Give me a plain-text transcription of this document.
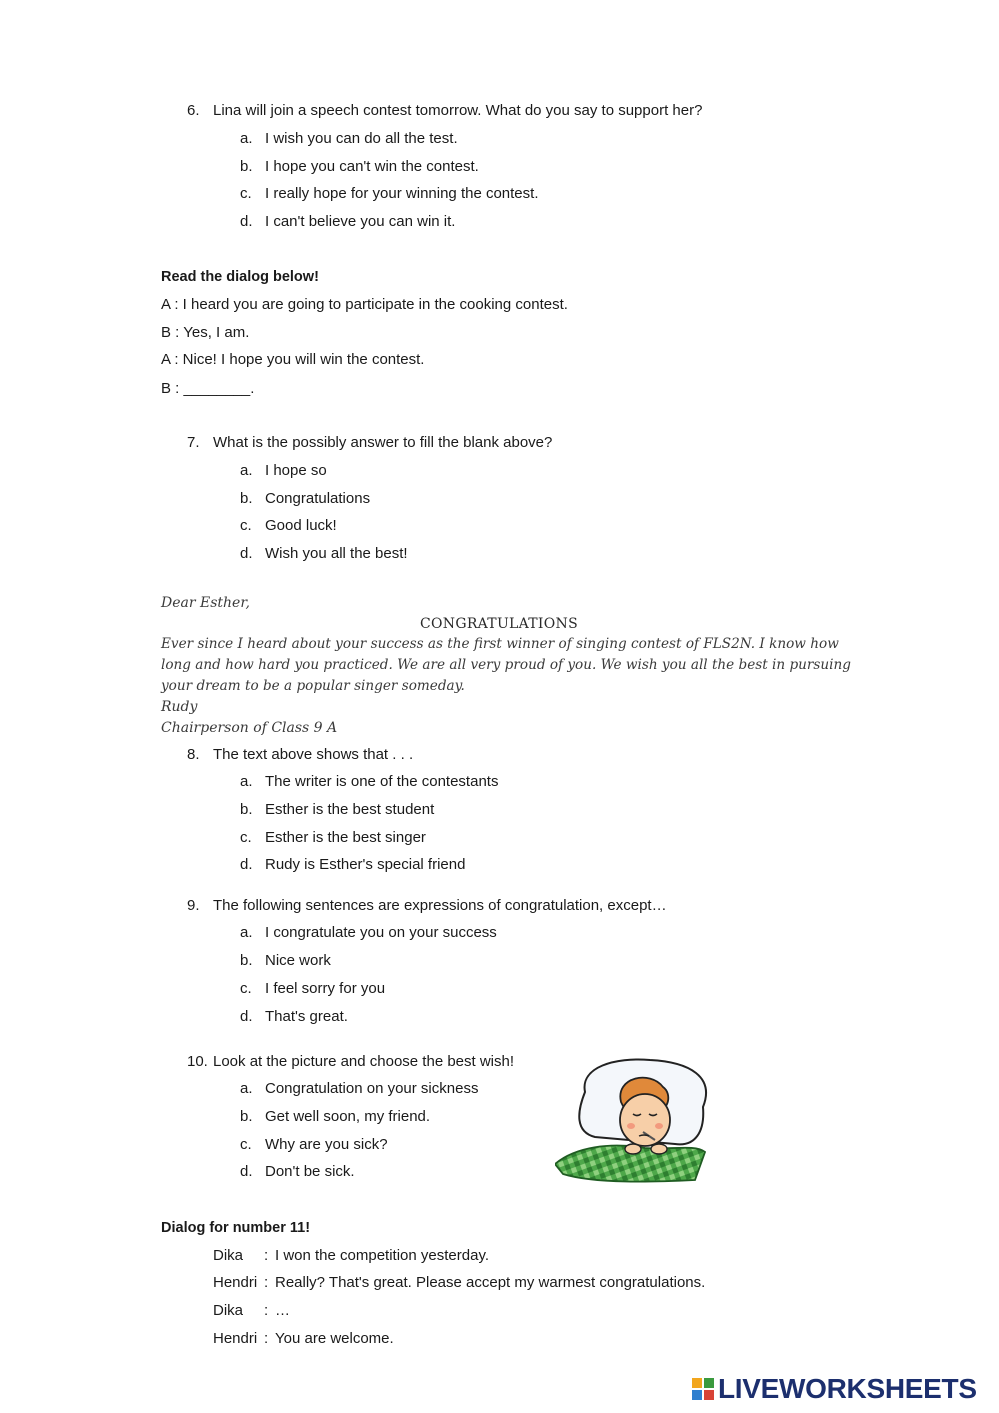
6. Lina will join a speech contest tomorrow. What do you say to support her?
a. I wish you can do all the test.
b. I hope you can't win the contest.
c. I really hope for your winning the contest.
d. I can't believe you can win it.
Read the dialog below!
A : I heard you are going to participate in the cooking contest.
B : Yes, I am.
A : Nice! I hope you will win the contest.
B : ________.
7. What is the possibly answer to fill the blank above?
a. I hope so
b. Congratulations
c. Good luck!
d. Wish you all the best!
Dear Esther,
CONGRATULATIONS
Ever since I heard about your success as the first winner of singing contest of FLS2N. I know how
long and how hard you practiced. We are all very proud of you. We wish you all the best in pursuing
your dream to be a popular singer someday.
Rudy
Chairperson of Class 9 A
8. The text above shows that . . .
a. The writer is one of the contestants
b. Esther is the best student
c. Esther is the best singer
d. Rudy is Esther's special friend
9. The following sentences are expressions of congratulation, except…
a. I congratulate you on your success
b. Nice work
c. I feel sorry for you
d. That's great.
10. Look at the picture and choose the best wish!
a. Congratulation on your sickness
b. Get well soon, my friend.
c. Why are you sick?
d. Don't be sick.
Dialog for number 11!
Dika : I won the competition yesterday.
Hendri : Really? That's great. Please accept my warmest congratulations.
Dika : …
Hendri : You are welcome.
LIVEWORKSHEETS
